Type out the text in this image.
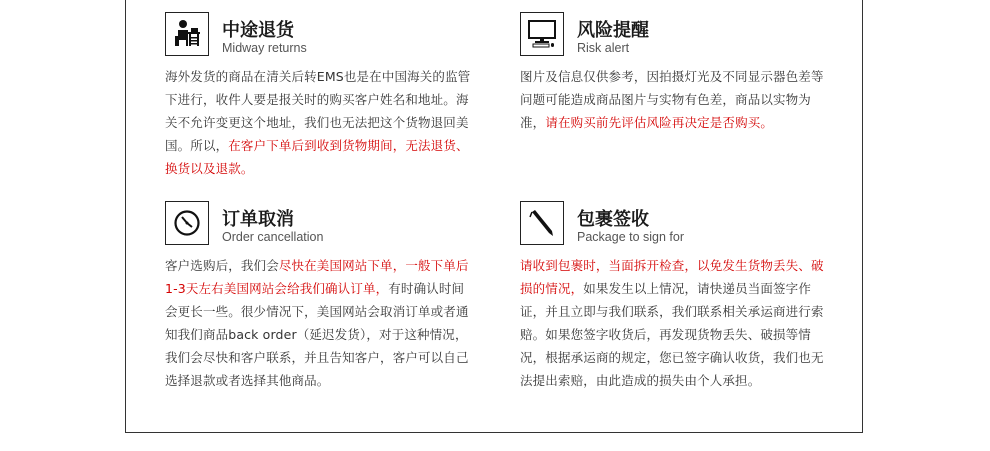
中途退货
Midway returns
海外发货的商品在清关后转EMS也是在中国海关的监管下进行，收件人要是报关时的购买客户姓名和地址。海关不允许变更这个地址，我们也无法把这个货物退回美国。所以，在客户下单后到收到货物期间，无法退货、换货以及退款。
风险提醒
Risk alert
图片及信息仅供参考，因拍摄灯光及不同显示器色差等问题可能造成商品图片与实物有色差，商品以实物为准，请在购买前先评估风险再决定是否购买。
订单取消
Order cancellation
客户选购后，我们会尽快在美国网站下单，一般下单后1-3天左右美国网站会给我们确认订单，有时确认时间会更长一些。很少情况下，美国网站会取消订单或者通知我们商品back order（延迟发货），对于这种情况，我们会尽快和客户联系，并且告知客户，客户可以自己选择退款或者选择其他商品。
包裹签收
Package to sign for
请收到包裹时，当面拆开检查，以免发生货物丢失、破损的情况，如果发生以上情况，请快递员当面签字作证，并且立即与我们联系，我们联系相关承运商进行索赔。如果您签字收货后，再发现货物丢失、破损等情况，根据承运商的规定，您已签字确认收货，我们也无法提出索赔，由此造成的损失由个人承担。
